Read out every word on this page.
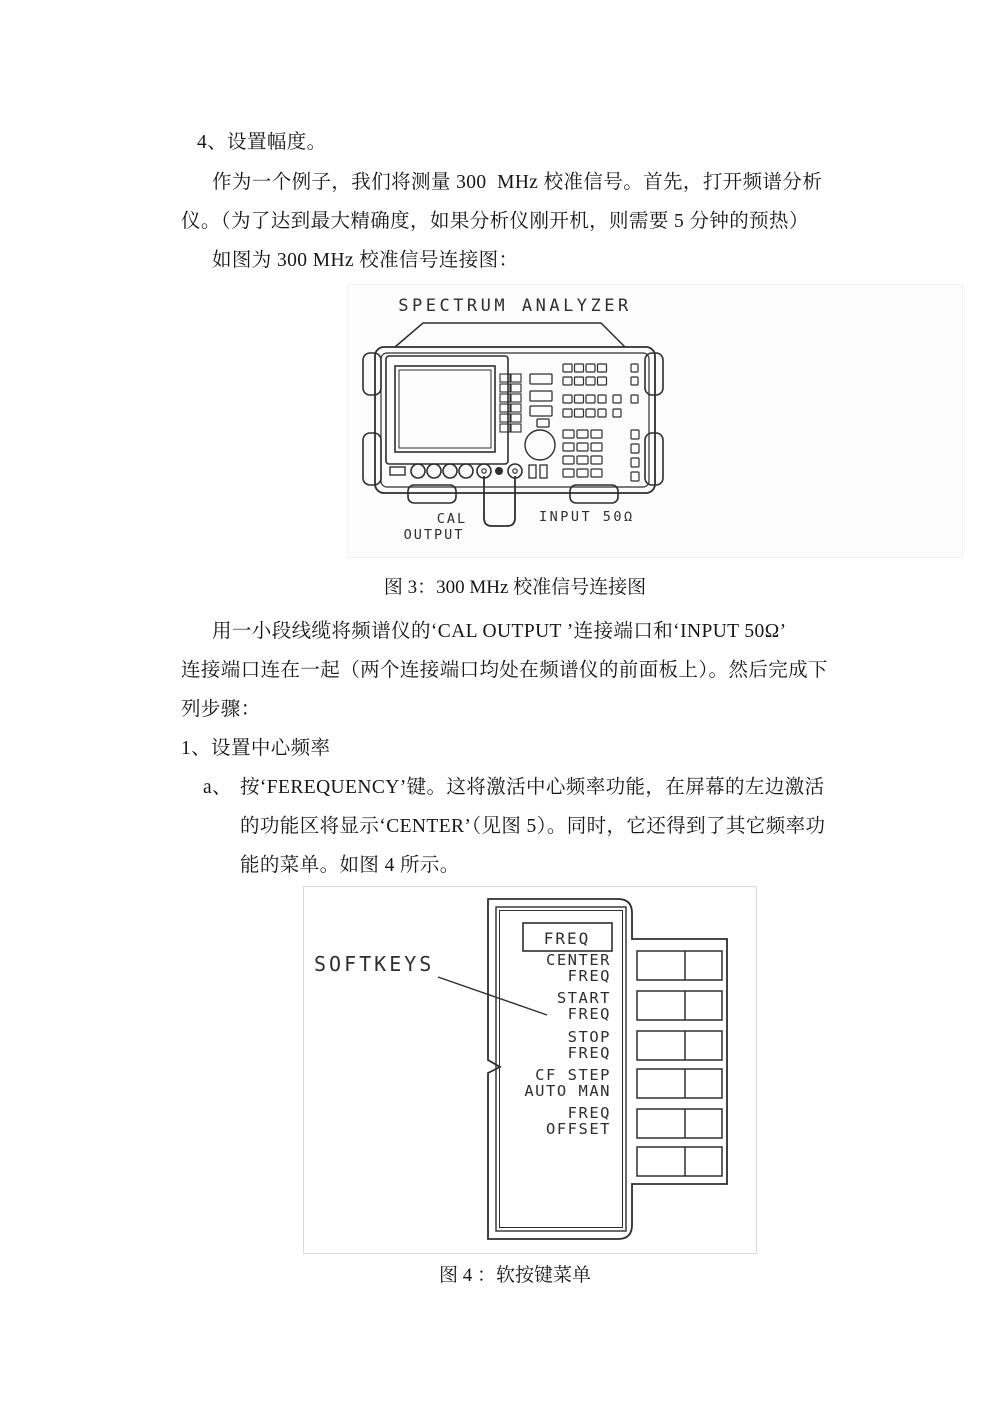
4、设置幅度。
作为一个例子，我们将测量 300  MHz 校准信号。首先，打开频谱分析
仪。（为了达到最大精确度，如果分析仪刚开机，则需要 5 分钟的预热）
如图为 300 MHz 校准信号连接图：
SPECTRUM ANALYZER
CAL
OUTPUT
INPUT 50Ω
图 3：300 MHz 校准信号连接图
用一小段线缆将频谱仪的‘CAL OUTPUT ’连接端口和‘INPUT 50Ω’
连接端口连在一起（两个连接端口均处在频谱仪的前面板上）。然后完成下
列步骤：
1、设置中心频率
a、 按‘FEREQUENCY’键。这将激活中心频率功能，在屏幕的左边激活
的功能区将显示‘CENTER’（见图 5）。同时，它还得到了其它频率功
能的菜单。如图 4 所示。
SOFTKEYS
FREQ
CENTER
FREQ
START
FREQ
STOP
FREQ
CF STEP
AUTO MAN
FREQ
OFFSET
图 4 ：软按键菜单
